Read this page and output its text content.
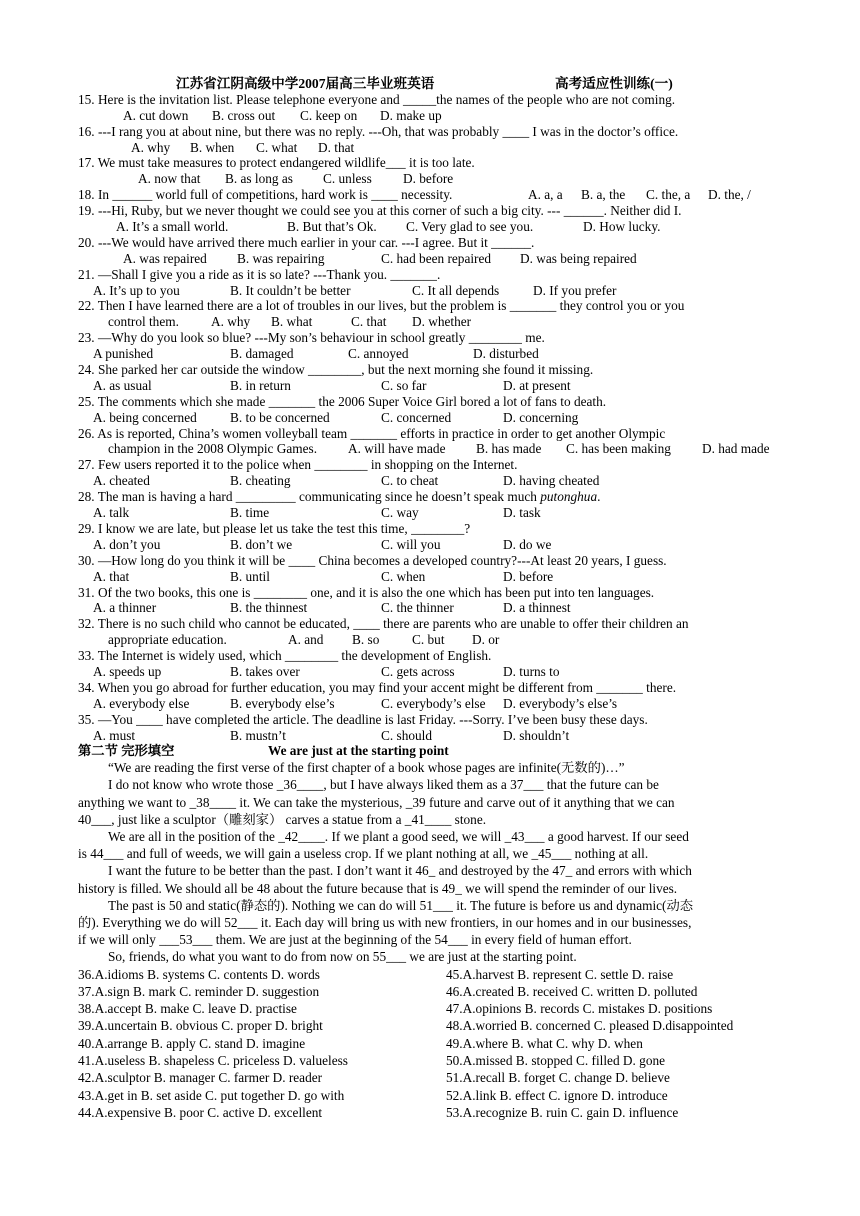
江苏省江阴高级中学2007届高三毕业班英语	高考适应性训练(一)
15. Here is the invitation list. Please telephone everyone and _____the names of the people who are not coming.
A. cut down B. cross out C. keep on D. make up
16. ---I rang you at about nine, but there was no reply. ---Oh, that was probably ____ I was in the doctor’s office.
A. why B. when C. what D. that
17. We must take measures to protect endangered wildlife___ it is too late.
A. now that B. as long as C. unless D. before
18. In ______ world full of competitions, hard work is ____ necessity.	A. a, a B. a, the C. the, a D. the, /
19. ---Hi, Ruby, but we never thought we could see you at this corner of such a big city. --- ______. Neither did I.
A. It’s a small world.	B. But that’s Ok. C. Very glad to see you.	D. How lucky.
20. ---We would have arrived there much earlier in your car. ---I agree. But it ______.
A. was repaired B. was repairing	C. had been repaired D. was being repaired
21. —Shall I give you a ride as it is so late? ---Thank you. _______.
A. It’s up to you	B. It couldn’t be better	C. It all depends	D. If you prefer
22. Then I have learned there are a lot of troubles in our lives, but the problem is _______ they control you or you
control them. A. why B. what	C. that D. whether
23. —Why do you look so blue? ---My son’s behaviour in school greatly ________ me.
A punished	B. damaged	C. annoyed	D. disturbed
24. She parked her car outside the window ________, but the next morning she found it missing.
A. as usual	B. in return	C. so far	D. at present
25. The comments which she made _______ the 2006 Super Voice Girl bored a lot of fans to death.
A. being concerned	B. to be concerned	C. concerned	D. concerning
26. As is reported, China’s women volleyball team _______ efforts in practice in order to get another Olympic
champion in the 2008 Olympic Games. A. will have made B. has made C. has been making D. had made
27. Few users reported it to the police when ________ in shopping on the Internet.
A. cheated	B. cheating	C. to cheat	D. having cheated
28. The man is having a hard _________ communicating since he doesn’t speak much putonghua.
A. talk	B. time	C. way	D. task
29. I know we are late, but please let us take the test this time, ________?
A. don’t you	B. don’t we	C. will you	D. do we
30. —How long do you think it will be ____ China becomes a developed country?---At least 20 years, I guess.
A. that	B. until	C. when	D. before
31. Of the two books, this one is ________ one, and it is also the one which has been put into ten languages.
A. a thinner	B. the thinnest	C. the thinner	D. a thinnest
32. There is no such child who cannot be educated, ____ there are parents who are unable to offer their children an
appropriate education.	A. and B. so C. but D. or
33. The Internet is widely used, which ________ the development of English.
A. speeds up	B. takes over	C. gets across	D. turns to
34. When you go abroad for further education, you may find your accent might be different from _______ there.
A. everybody else	B. everybody else’s	C. everybody’s else D. everybody’s else’s
35. —You ____ have completed the article. The deadline is last Friday. ---Sorry. I’ve been busy these days.
A. must	B. mustn’t	C. should	D. shouldn’t
第二节 完形填空	We are just at the starting point
“We are reading the first verse of the first chapter of a book whose pages are infinite(无数的)…”
I do not know who wrote those _36____, but I have always liked them as a 37___ that the future can be
anything we want to _38____ it. We can take the mysterious, _39 future and carve out of it anything that we can
40___, just like a sculptor（雕刻家） carves a statue from a _41____ stone.
We are all in the position of the _42____. If we plant a good seed, we will _43___ a good harvest. If our seed
is 44___ and full of weeds, we will gain a useless crop. If we plant nothing at all, we _45___ nothing at all.
I want the future to be better than the past. I don’t want it 46_ and destroyed by the 47_ and errors with which
history is filled. We should all be 48 about the future because that is 49_ we will spend the reminder of our lives.
The past is 50 and static(静态的). Nothing we can do will 51___ it. The future is before us and dynamic(动态
的). Everything we do will 52___ it. Each day will bring us with new frontiers, in our homes and in our businesses,
if we will only ___53___ them. We are just at the beginning of the 54___ in every field of human effort.
So, friends, do what you want to do from now on 55___ we are just at the starting point.
36.A.idioms B. systems C. contents D. words	45.A.harvest B. represent C. settle D. raise
37.A.sign B. mark C. reminder D. suggestion	46.A.created B. received C. written D. polluted
38.A.accept B. make C. leave D. practise	47.A.opinions B. records C. mistakes D. positions
39.A.uncertain B. obvious C. proper D. bright	48.A.worried B. concerned C. pleased D.disappointed
40.A.arrange B. apply C. stand D. imagine	49.A.where B. what C. why D. when
41.A.useless B. shapeless C. priceless D. valueless	50.A.missed B. stopped C. filled D. gone
42.A.sculptor B. manager C. farmer D. reader	51.A.recall B. forget C. change D. believe
43.A.get in B. set aside C. put together D. go with	52.A.link B. effect C. ignore D. introduce
44.A.expensive B. poor C. active D. excellent	53.A.recognize B. ruin C. gain D. influence
